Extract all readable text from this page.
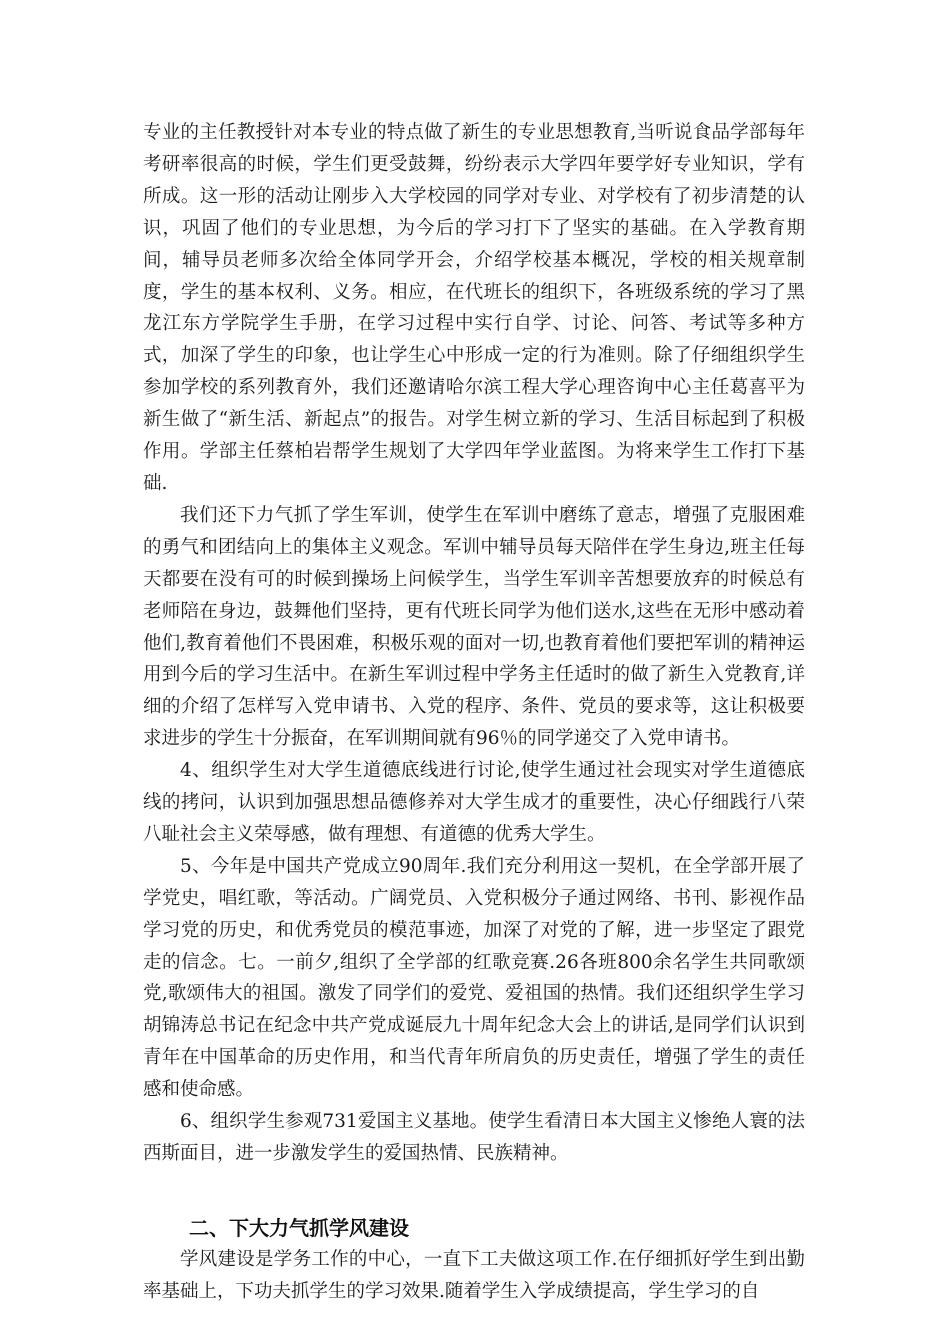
专业的主任教授针对本专业的特点做了新生的专业思想教育,当听说食品学部每年考研率很高的时候，学生们更受鼓舞，纷纷表示大学四年要学好专业知识，学有所成。这一形的活动让刚步入大学校园的同学对专业、对学校有了初步清楚的认识，巩固了他们的专业思想，为今后的学习打下了坚实的基础。在入学教育期间，辅导员老师多次给全体同学开会，介绍学校基本概况，学校的相关规章制度，学生的基本权利、义务。相应，在代班长的组织下，各班级系统的学习了黑龙江东方学院学生手册，在学习过程中实行自学、讨论、问答、考试等多种方式，加深了学生的印象，也让学生心中形成一定的行为准则。除了仔细组织学生参加学校的系列教育外，我们还邀请哈尔滨工程大学心理咨询中心主任葛喜平为新生做了“新生活、新起点”的报告。对学生树立新的学习、生活目标起到了积极作用。学部主任蔡柏岩帮学生规划了大学四年学业蓝图。为将来学生工作打下基础.

我们还下力气抓了学生军训，使学生在军训中磨练了意志，增强了克服困难的勇气和团结向上的集体主义观念。军训中辅导员每天陪伴在学生身边,班主任每天都要在没有可的时候到操场上问候学生，当学生军训辛苦想要放弃的时候总有老师陪在身边，鼓舞他们坚持，更有代班长同学为他们送水,这些在无形中感动着他们,教育着他们不畏困难，积极乐观的面对一切,也教育着他们要把军训的精神运用到今后的学习生活中。在新生军训过程中学务主任适时的做了新生入党教育,详细的介绍了怎样写入党申请书、入党的程序、条件、党员的要求等，这让积极要求进步的学生十分振奋，在军训期间就有96％的同学递交了入党申请书。

4、组织学生对大学生道德底线进行讨论,使学生通过社会现实对学生道德底线的拷问，认识到加强思想品德修养对大学生成才的重要性，决心仔细践行八荣八耻社会主义荣辱感，做有理想、有道德的优秀大学生。

5、今年是中国共产党成立90周年.我们充分利用这一契机，在全学部开展了学党史，唱红歌，等活动。广阔党员、入党积极分子通过网络、书刊、影视作品学习党的历史，和优秀党员的模范事迹，加深了对党的了解，进一步坚定了跟党走的信念。七。一前夕,组织了全学部的红歌竞赛.26各班800余名学生共同歌颂党,歌颂伟大的祖国。激发了同学们的爱党、爱祖国的热情。我们还组织学生学习胡锦涛总书记在纪念中共产党成诞辰九十周年纪念大会上的讲话,是同学们认识到青年在中国革命的历史作用，和当代青年所肩负的历史责任，增强了学生的责任感和使命感。

6、组织学生参观731爱国主义基地。使学生看清日本大国主义惨绝人寰的法西斯面目，进一步激发学生的爱国热情、民族精神。

二、下大力气抓学风建设

学风建设是学务工作的中心，一直下工夫做这项工作.在仔细抓好学生到出勤率基础上，下功夫抓学生的学习效果.随着学生入学成绩提高，学生学习的自
